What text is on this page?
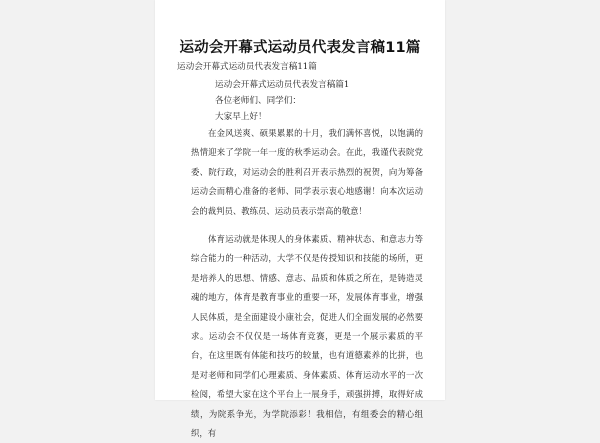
运动会开幕式运动员代表发言稿11篇
运动会开幕式运动员代表发言稿11篇
运动会开幕式运动员代表发言稿篇1
各位老师们、同学们：
大家早上好！

在金风送爽、硕果累累的十月，我们满怀喜悦，以饱满的热情迎来了学院一年一度的秋季运动会。在此，我谨代表院党委、院行政，对运动会的胜利召开表示热烈的祝贺，向为筹备运动会而精心准备的老师、同学表示衷心地感谢！向本次运动会的裁判员、教练员、运动员表示崇高的敬意！

体育运动就是体现人的身体素质、精神状态、和意志力等综合能力的一种活动，大学不仅是传授知识和技能的场所，更是培养人的思想、情感、意志、品质和体质之所在，是铸造灵魂的地方，体育是教育事业的重要一环，发展体育事业，增强人民体质，是全面建设小康社会，促进人们全面发展的必然要求。运动会不仅仅是一场体育竞赛，更是一个展示素质的平台，在这里既有体能和技巧的较量，也有道德素养的比拼，也是对老师和同学们心理素质、身体素质、体育运动水平的一次检阅，希望大家在这个平台上一展身手，顽强拼搏，取得好成绩，为院系争光，为学院添彩！我相信，有组委会的精心组织，有
